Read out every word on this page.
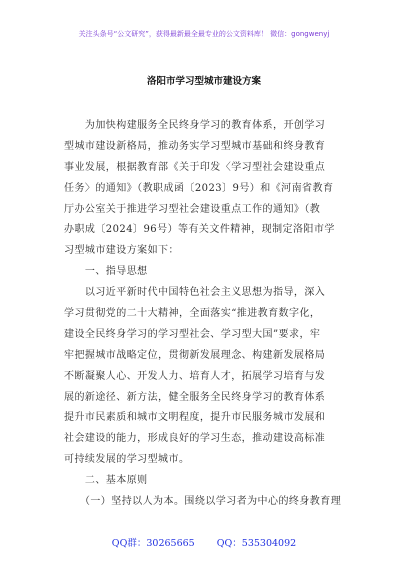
关注头条号“公文研究”，获得最新最全最专业的公文资料库！ 微信：gongwenyj
洛阳市学习型城市建设方案
　　为加快构建服务全民终身学习的教育体系，开创学习
型城市建设新格局，推动务实学习型城市基础和终身教育
事业发展，根据教育部《关于印发〈学习型社会建设重点
任务〉的通知》（教职成函〔2023〕9号）和《河南省教育
厅办公室关于推进学习型社会建设重点工作的通知》（教
办职成〔2024〕96号）等有关文件精神，现制定洛阳市学
习型城市建设方案如下：
　　一、指导思想
　　以习近平新时代中国特色社会主义思想为指导，深入
学习贯彻党的二十大精神，全面落实“推进教育数字化，
建设全民终身学习的学习型社会、学习型大国”要求，牢
牢把握城市战略定位，贯彻新发展理念、构建新发展格局
不断凝聚人心、开发人力、培育人才，拓展学习培育与发
展的新途径、新方法，健全服务全民终身学习的教育体系
提升市民素质和城市文明程度，提升市民服务城市发展和
社会建设的能力，形成良好的学习生态，推动建设高标准
可持续发展的学习型城市。
　　二、基本原则
　　（一）坚持以人为本。围绕以学习者为中心的终身教育理
QQ群：30265665 QQ：535304092
